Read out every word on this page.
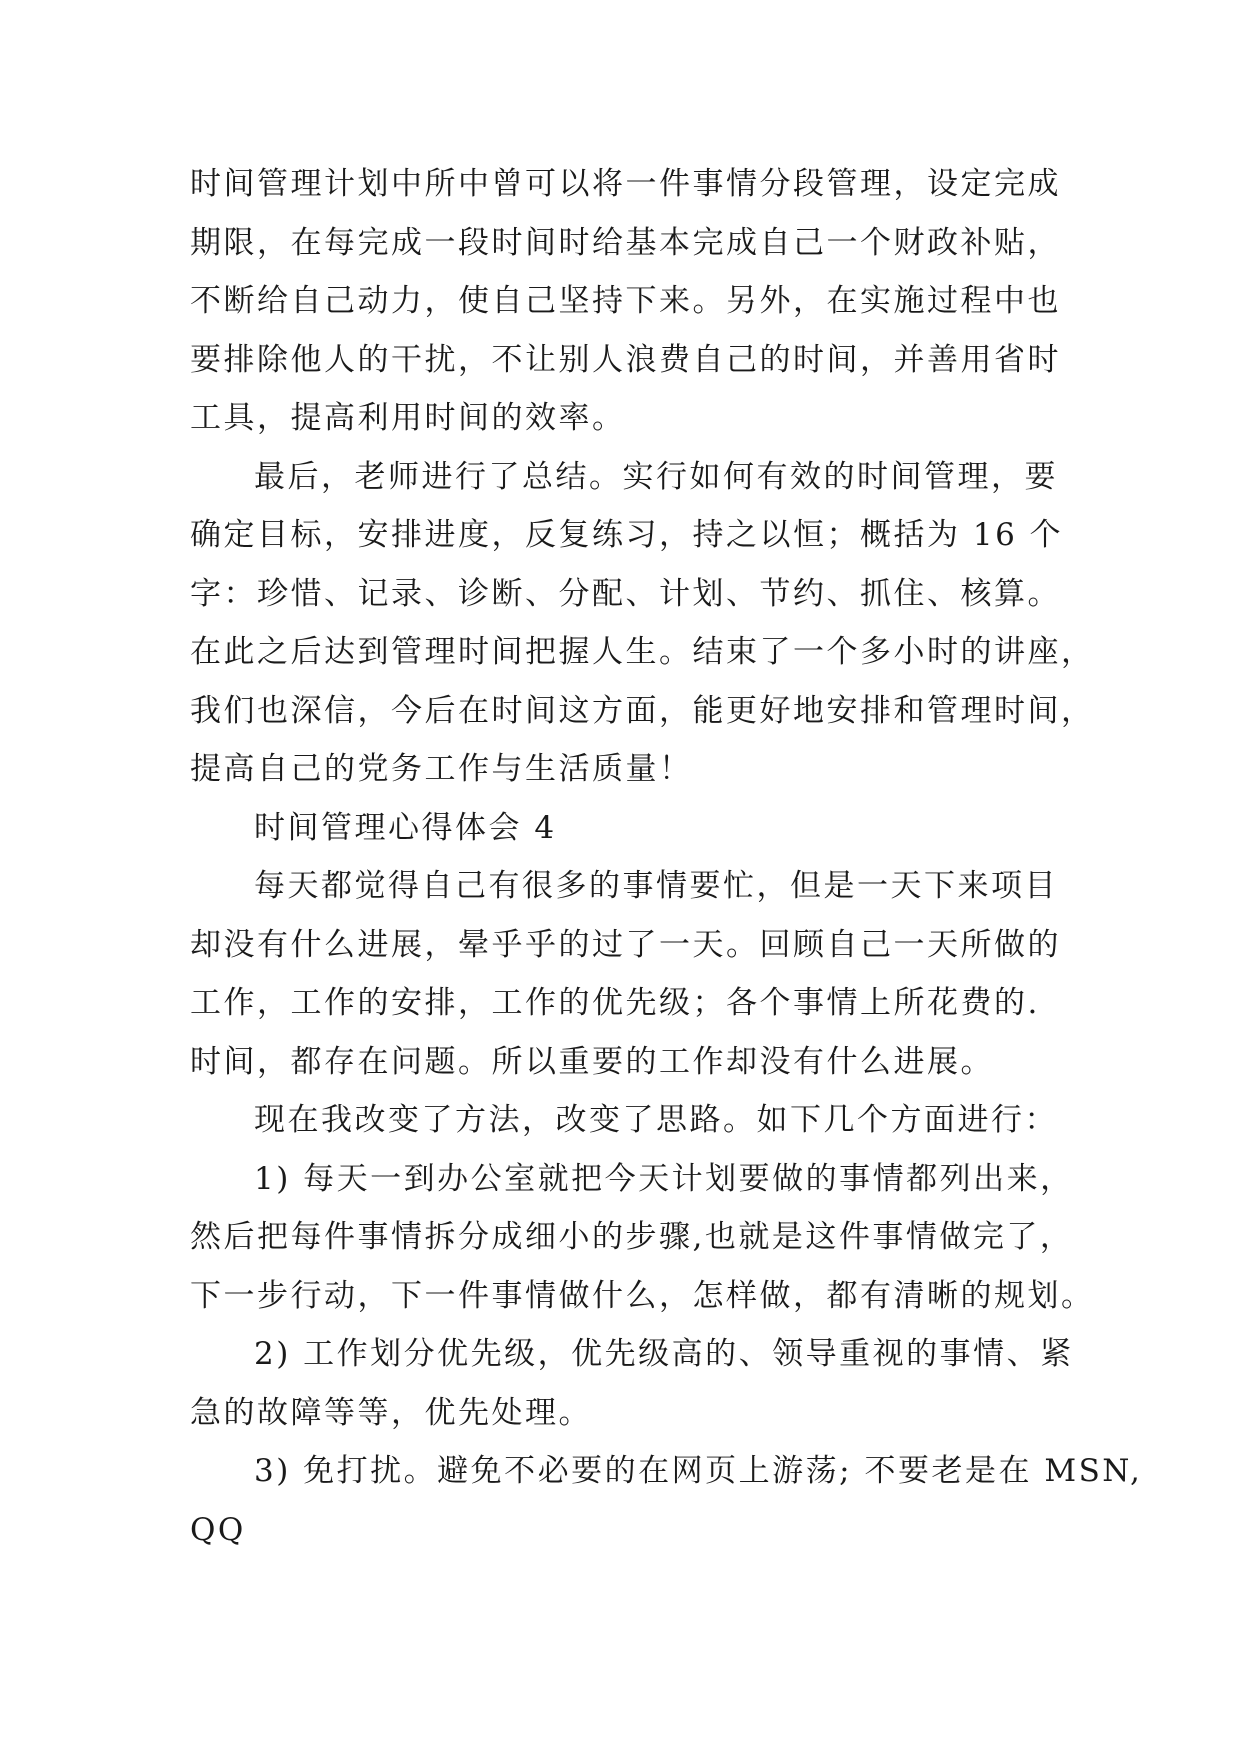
时间管理计划中所中曾可以将一件事情分段管理，设定完成
期限，在每完成一段时间时给基本完成自己一个财政补贴，
不断给自己动力，使自己坚持下来。另外，在实施过程中也
要排除他人的干扰，不让别人浪费自己的时间，并善用省时
工具，提高利用时间的效率。
最后，老师进行了总结。实行如何有效的时间管理，要
确定目标，安排进度，反复练习，持之以恒；概括为 16 个
字：珍惜、记录、诊断、分配、计划、节约、抓住、核算。
在此之后达到管理时间把握人生。结束了一个多小时的讲座，
我们也深信，今后在时间这方面，能更好地安排和管理时间，
提高自己的党务工作与生活质量！
时间管理心得体会 4
每天都觉得自己有很多的事情要忙，但是一天下来项目
却没有什么进展，晕乎乎的过了一天。回顾自己一天所做的
工作，工作的安排，工作的优先级；各个事情上所花费的.
时间，都存在问题。所以重要的工作却没有什么进展。
现在我改变了方法，改变了思路。如下几个方面进行：
1) 每天一到办公室就把今天计划要做的事情都列出来，
然后把每件事情拆分成细小的步骤,也就是这件事情做完了，
下一步行动，下一件事情做什么，怎样做，都有清晰的规划。
2) 工作划分优先级，优先级高的、领导重视的事情、紧
急的故障等等，优先处理。
3) 免打扰。避免不必要的在网页上游荡; 不要老是在 MSN,
QQ
